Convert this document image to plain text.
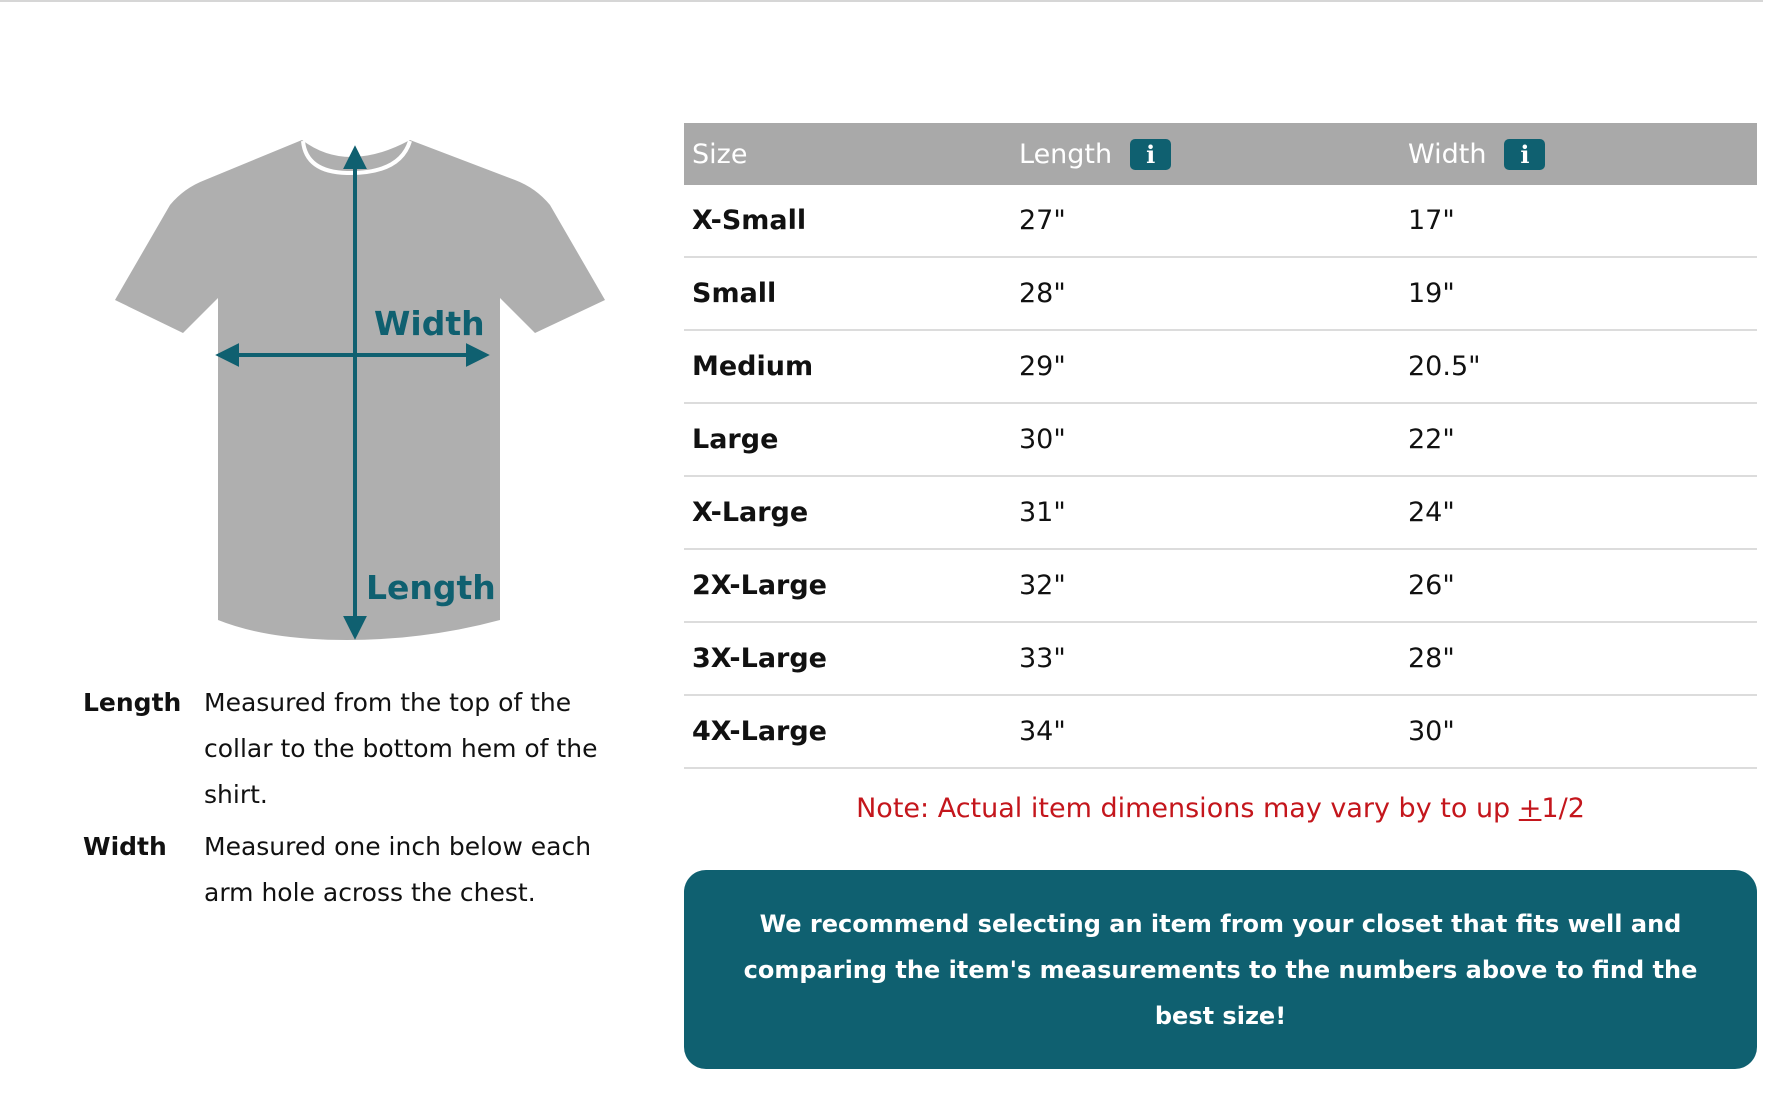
Width
Length
Length Measured from the top of the collar to the bottom hem of the shirt.
Width	Measured one inch below each arm hole across the chest.
Size	Length i	Width i

X-Small	27"	17"
Small	28"	19"
Medium	29"	20.5"
Large	30"	22"
X-Large	31"	24"
2X-Large	32"	26"
3X-Large	33"	28"
4X-Large	34"	30"
Note: Actual item dimensions may vary by to up +1/2
We recommend selecting an item from your closet that fits well and comparing the item's measurements to the numbers above to find the best size!
